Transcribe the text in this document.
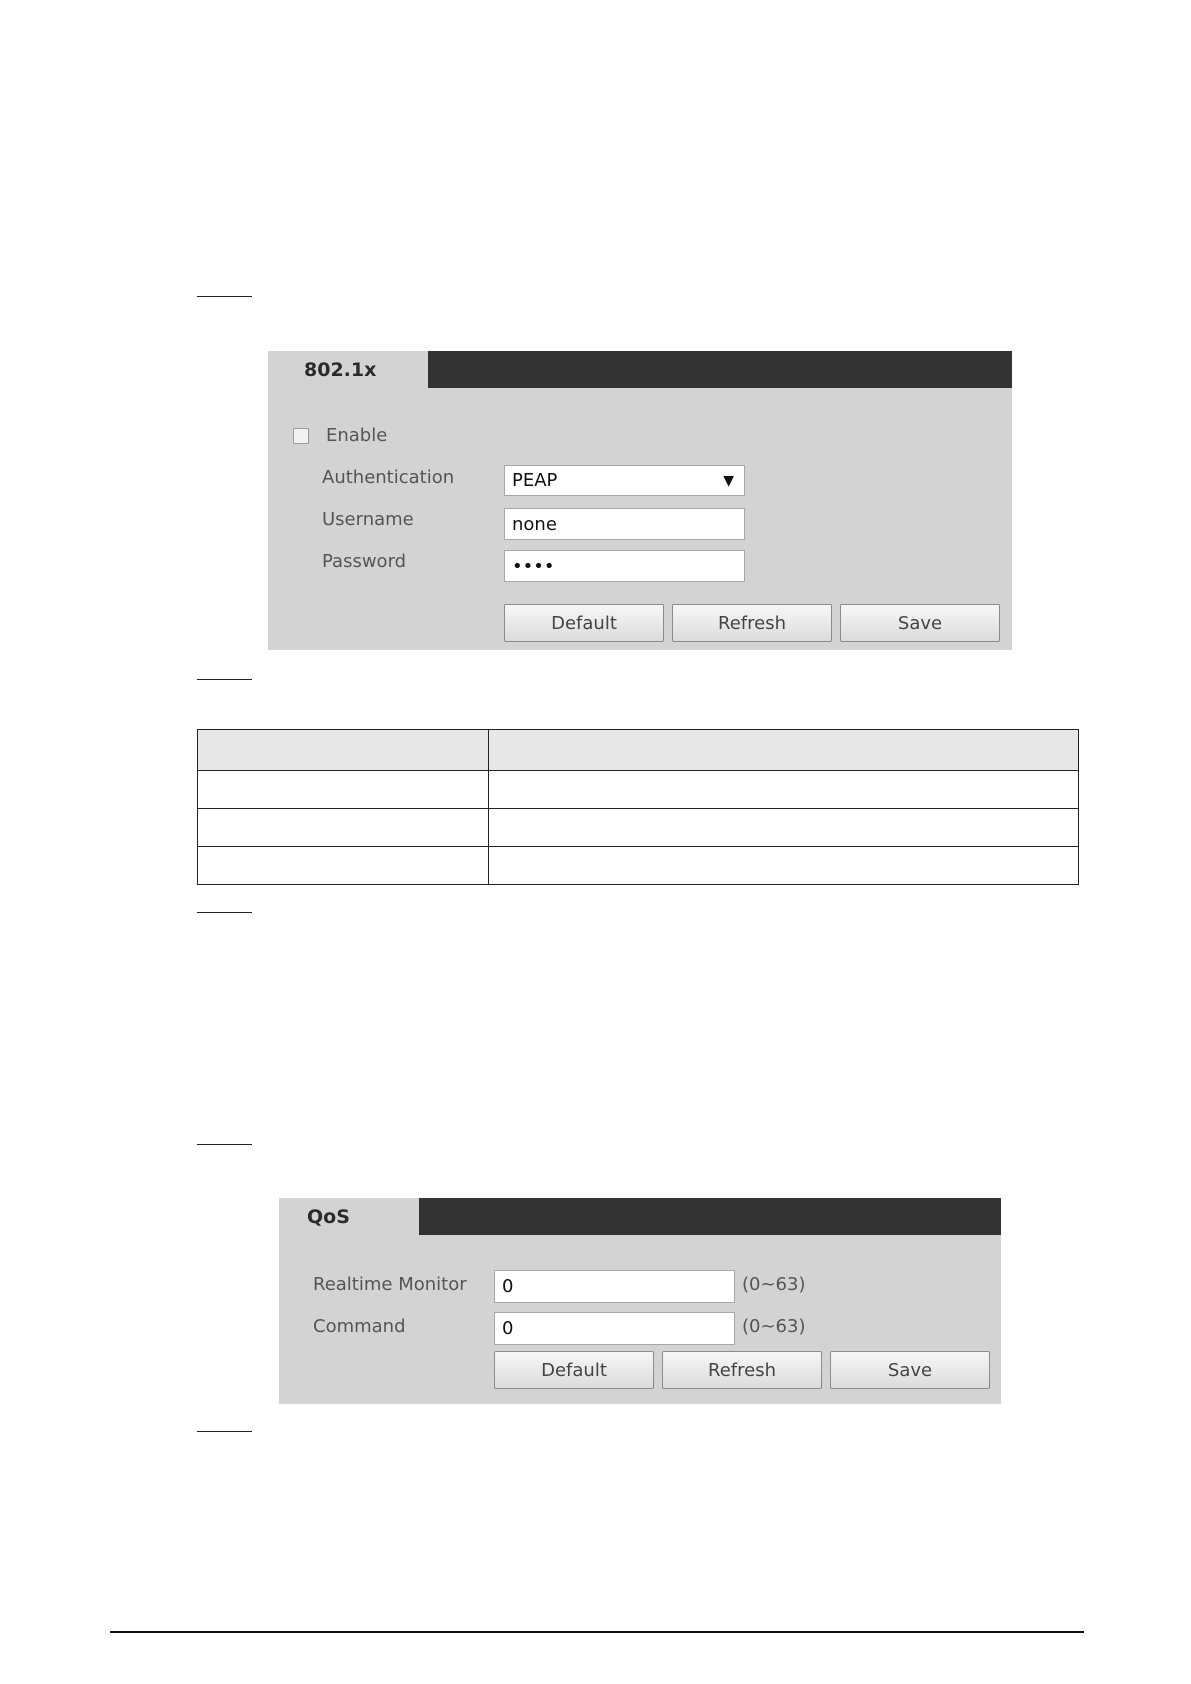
802.1x
Enable
Authentication	PEAP	▼
Username	none
Password	••••
Default	Refresh	Save

QoS
Realtime Monitor 0	(0~63)
Command	0	(0~63)
Default	Refresh	Save
